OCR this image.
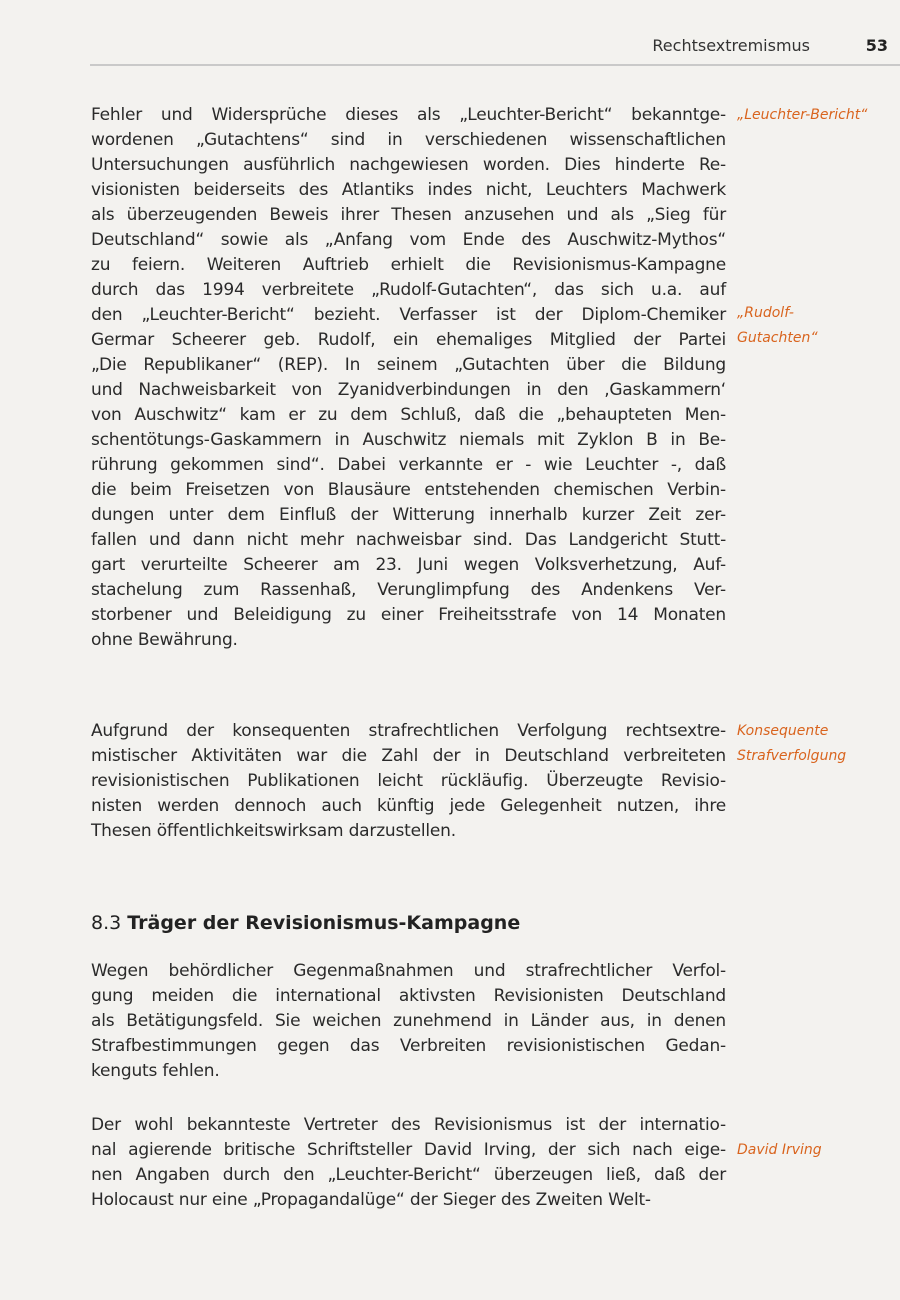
Rechtsextremismus	53

Fehler und Widersprüche dieses als „Leuchter-Bericht“ bekanntge-
wordenen „Gutachtens“ sind in verschiedenen wissenschaftlichen
Untersuchungen ausführlich nachgewiesen worden. Dies hinderte Re-
visionisten beiderseits des Atlantiks indes nicht, Leuchters Machwerk
als überzeugenden Beweis ihrer Thesen anzusehen und als „Sieg für
Deutschland“ sowie als „Anfang vom Ende des Auschwitz-Mythos“
zu feiern. Weiteren Auftrieb erhielt die Revisionismus-Kampagne
durch das 1994 verbreitete „Rudolf-Gutachten“, das sich u.a. auf
den „Leuchter-Bericht“ bezieht. Verfasser ist der Diplom-Chemiker
Germar Scheerer geb. Rudolf, ein ehemaliges Mitglied der Partei
„Die Republikaner“ (REP). In seinem „Gutachten über die Bildung
und Nachweisbarkeit von Zyanidverbindungen in den ‚Gaskammern‘
von Auschwitz“ kam er zu dem Schluß, daß die „behaupteten Men-
schentötungs-Gaskammern in Auschwitz niemals mit Zyklon B in Be-
rührung gekommen sind“. Dabei verkannte er - wie Leuchter -, daß
die beim Freisetzen von Blausäure entstehenden chemischen Verbin-
dungen unter dem Einfluß der Witterung innerhalb kurzer Zeit zer-
fallen und dann nicht mehr nachweisbar sind. Das Landgericht Stutt-
gart verurteilte Scheerer am 23. Juni wegen Volksverhetzung, Auf-
stachelung zum Rassenhaß, Verunglimpfung des Andenkens Ver-
storbener und Beleidigung zu einer Freiheitsstrafe von 14 Monaten
ohne Bewährung.

Aufgrund der konsequenten strafrechtlichen Verfolgung rechtsextre-
mistischer Aktivitäten war die Zahl der in Deutschland verbreiteten
revisionistischen Publikationen leicht rückläufig. Überzeugte Revisio-
nisten werden dennoch auch künftig jede Gelegenheit nutzen, ihre
Thesen öffentlichkeitswirksam darzustellen.

8.3 Träger der Revisionismus-Kampagne

Wegen behördlicher Gegenmaßnahmen und strafrechtlicher Verfol-
gung meiden die international aktivsten Revisionisten Deutschland
als Betätigungsfeld. Sie weichen zunehmend in Länder aus, in denen
Strafbestimmungen gegen das Verbreiten revisionistischen Gedan-
kenguts fehlen.

Der wohl bekannteste Vertreter des Revisionismus ist der internatio-
nal agierende britische Schriftsteller David Irving, der sich nach eige-
nen Angaben durch den „Leuchter-Bericht“ überzeugen ließ, daß der
Holocaust nur eine „Propagandalüge“ der Sieger des Zweiten Welt-

„Leuchter-Bericht“
„Rudolf-
Gutachten“
Konsequente
Strafverfolgung
David Irving
